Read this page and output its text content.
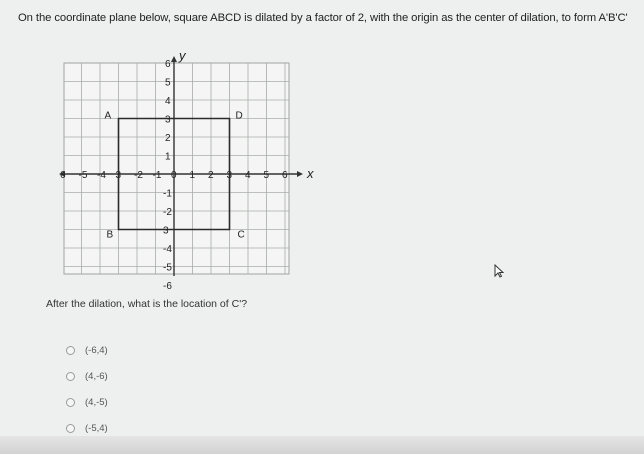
On the coordinate plane below, square ABCD is dilated by a factor of 2, with the origin as the center of dilation, to form A'B'C'
x
y
6 -5 -4 3 -2 -1 0 1 2 3 4 5 6
6
5
4
3
2
1
-1
-2
3
-4
-5
-6
A
B	C
D
After the dilation, what is the location of C'?
(-6,4)
(4,-6)
(4,-5)
(-5,4)
